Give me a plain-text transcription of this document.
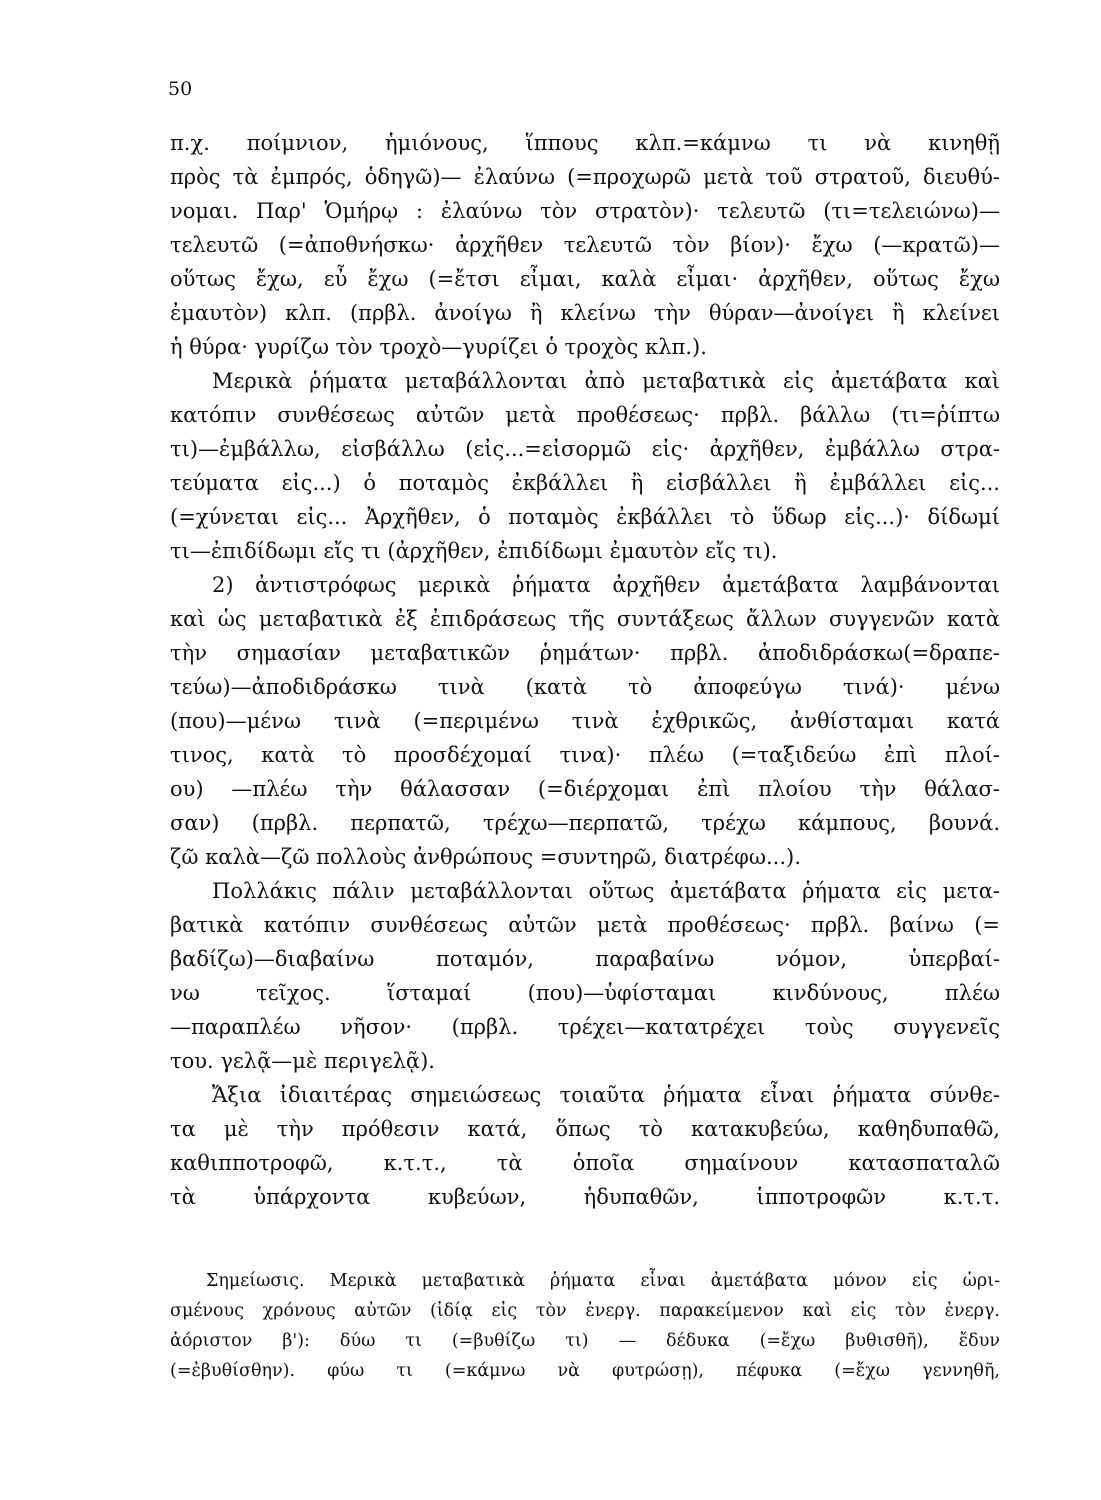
50
π.χ. ποίμνιον, ἡμιόνους, ἵππους κλπ.=κάμνω τι νὰ κινηθῇ
πρὸς τὰ ἐμπρός, ὁδηγῶ)— ἐλαύνω (=προχωρῶ μετὰ τοῦ στρατοῦ, διευθύ-
νομαι. Παρ' Ὁμήρῳ : ἐλαύνω τὸν στρατὸν)· τελευτῶ (τι=τελειώνω)—
τελευτῶ (=ἀποθνήσκω· ἀρχῆθεν τελευτῶ τὸν βίον)· ἔχω (—κρατῶ)—
οὕτως ἔχω, εὖ ἔχω (=ἔτσι εἶμαι, καλὰ εἶμαι· ἀρχῆθεν, οὕτως ἔχω
ἐμαυτὸν) κλπ. (πρβλ. ἀνοίγω ἢ κλείνω τὴν θύραν—ἀνοίγει ἢ κλείνει
ἡ θύρα· γυρίζω τὸν τροχὸ—γυρίζει ὁ τροχὸς κλπ.).
Μερικὰ ῥήματα μεταβάλλονται ἀπὸ μεταβατικὰ εἰς ἀμετάβατα καὶ
κατόπιν συνθέσεως αὐτῶν μετὰ προθέσεως· πρβλ. βάλλω (τι=ῥίπτω
τι)—ἐμβάλλω, εἰσβάλλω (εἰς...=εἰσορμῶ εἰς· ἀρχῆθεν, ἐμβάλλω στρα-
τεύματα εἰς...) ὁ ποταμὸς ἐκβάλλει ἢ εἰσβάλλει ἢ ἐμβάλλει εἰς...
(=χύνεται εἰς... Ἀρχῆθεν, ὁ ποταμὸς ἐκβάλλει τὸ ὕδωρ εἰς...)· δίδωμί
τι—ἐπιδίδωμι εἴς τι (ἀρχῆθεν, ἐπιδίδωμι ἐμαυτὸν εἴς τι).
2) ἀντιστρόφως μερικὰ ῥήματα ἀρχῆθεν ἀμετάβατα λαμβάνονται
καὶ ὡς μεταβατικὰ ἐξ ἐπιδράσεως τῆς συντάξεως ἄλλων συγγενῶν κατὰ
τὴν σημασίαν μεταβατικῶν ῥημάτων· πρβλ. ἀποδιδράσκω(=δραπε-
τεύω)—ἀποδιδράσκω τινὰ (κατὰ τὸ ἀποφεύγω τινά)· μένω
(που)—μένω τινὰ (=περιμένω τινὰ ἐχθρικῶς, ἀνθίσταμαι κατά
τινος, κατὰ τὸ προσδέχομαί τινα)· πλέω (=ταξιδεύω ἐπὶ πλοί-
ου) —πλέω τὴν θάλασσαν (=διέρχομαι ἐπὶ πλοίου τὴν θάλασ-
σαν) (πρβλ. περπατῶ, τρέχω—περπατῶ, τρέχω κάμπους, βουνά.
ζῶ καλὰ—ζῶ πολλοὺς ἀνθρώπους =συντηρῶ, διατρέφω...).
Πολλάκις πάλιν μεταβάλλονται οὕτως ἀμετάβατα ῥήματα εἰς μετα-
βατικὰ κατόπιν συνθέσεως αὐτῶν μετὰ προθέσεως· πρβλ. βαίνω (=
βαδίζω)—διαβαίνω ποταμόν, παραβαίνω νόμον, ὑπερβαί-
νω τεῖχος. ἵσταμαί (που)—ὑφίσταμαι κινδύνους, πλέω
—παραπλέω νῆσον· (πρβλ. τρέχει—κατατρέχει τοὺς συγγενεῖς
του. γελᾷ—μὲ περιγελᾷ).
Ἄξια ἰδιαιτέρας σημειώσεως τοιαῦτα ῥήματα εἶναι ῥήματα σύνθε-
τα μὲ τὴν πρόθεσιν κατά, ὅπως τὸ κατακυβεύω, καθηδυπαθῶ,
καθιπποτροφῶ, κ.τ.τ., τὰ ὁποῖα σημαίνουν κατασπαταλῶ
τὰ ὑπάρχοντα κυβεύων, ἡδυπαθῶν, ἱπποτροφῶν κ.τ.τ.
Σημείωσις. Μερικὰ μεταβατικὰ ῥήματα εἶναι ἀμετάβατα μόνον εἰς ὡρι-
σμένους χρόνους αὐτῶν (ἰδίᾳ εἰς τὸν ἐνεργ. παρακείμενον καὶ εἰς τὸν ἐνεργ.
ἀόριστον β'): δύω τι (=βυθίζω τι) — δέδυκα (=ἔχω βυθισθῆ), ἔδυν
(=ἐβυθίσθην). φύω τι (=κάμνω νὰ φυτρώσῃ), πέφυκα (=ἔχω γεννηθῆ,
